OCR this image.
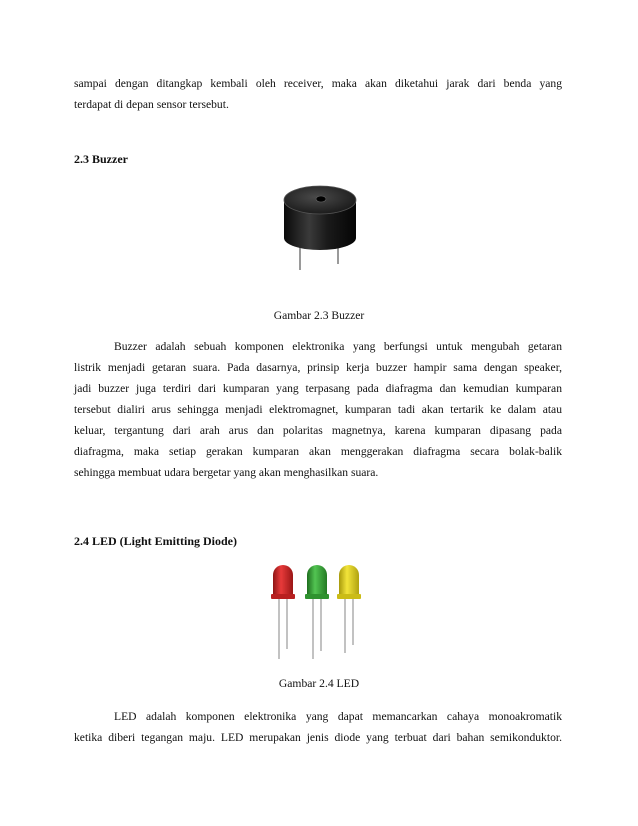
sampai dengan ditangkap kembali oleh receiver, maka akan diketahui jarak dari benda yang
terdapat di depan sensor tersebut.

2.3 Buzzer

Gambar 2.3 Buzzer

Buzzer adalah sebuah komponen elektronika yang berfungsi untuk mengubah getaran
listrik menjadi getaran suara. Pada dasarnya, prinsip kerja buzzer hampir sama dengan speaker,
jadi buzzer juga terdiri dari kumparan yang terpasang pada diafragma dan kemudian kumparan
tersebut dialiri arus sehingga menjadi elektromagnet, kumparan tadi akan tertarik ke dalam atau
keluar, tergantung dari arah arus dan polaritas magnetnya, karena kumparan dipasang pada
diafragma, maka setiap gerakan kumparan akan menggerakan diafragma secara bolak-balik
sehingga membuat udara bergetar yang akan menghasilkan suara.

2.4 LED (Light Emitting Diode)

Gambar 2.4 LED

LED adalah komponen elektronika yang dapat memancarkan cahaya monoakromatik
ketika diberi tegangan maju. LED merupakan jenis diode yang terbuat dari bahan semikonduktor.
